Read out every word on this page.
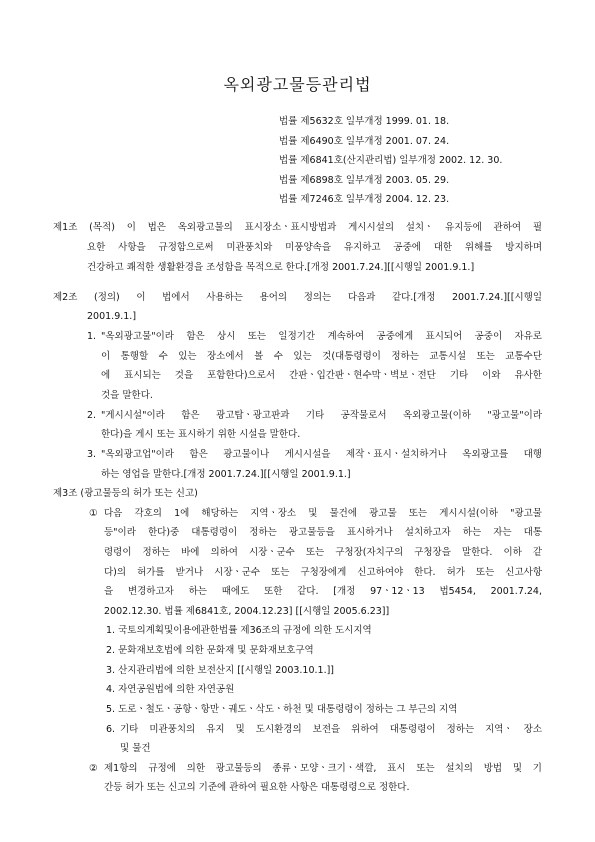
옥외광고물등관리법
법률 제5632호 일부개정 1999. 01. 18.
법률 제6490호 일부개정 2001. 07. 24.
법률 제6841호(산지관리법) 일부개정 2002. 12. 30.
법률 제6898호 일부개정 2003. 05. 29.
법률 제7246호 일부개정 2004. 12. 23.
제1조 (목적) 이 법은 옥외광고물의 표시장소ㆍ표시방법과 게시시설의 설치ㆍ 유지등에 관하여 필
요한 사항을 규정함으로써 미관풍치와 미풍양속을 유지하고 공중에 대한 위해를 방지하며
건강하고 쾌적한 생활환경을 조성함을 목적으로 한다.[개정 2001.7.24.][[시행일 2001.9.1.]
제2조 (정의) 이 법에서 사용하는 용어의 정의는 다음과 같다.[개정 2001.7.24.][[시행일
2001.9.1.]
1. "옥외광고물"이라 함은 상시 또는 일정기간 계속하여 공중에게 표시되어 공중이 자유로
이 통행할 수 있는 장소에서 볼 수 있는 것(대통령령이 정하는 교통시설 또는 교통수단
에 표시되는 것을 포함한다)으로서 간판ㆍ입간판ㆍ현수막ㆍ벽보ㆍ전단 기타 이와 유사한
것을 말한다.
2. "게시시설"이라 함은 광고탑ㆍ광고판과 기타 공작물로서 옥외광고물(이하 "광고물"이라
한다)을 게시 또는 표시하기 위한 시설을 말한다.
3. "옥외광고업"이라 함은 광고물이나 게시시설을 제작ㆍ표시ㆍ설치하거나 옥외광고를 대행
하는 영업을 말한다.[개정 2001.7.24.][[시행일 2001.9.1.]
제3조 (광고물등의 허가 또는 신고)
① 다음 각호의 1에 해당하는 지역ㆍ장소 및 물건에 광고물 또는 게시시설(이하 "광고물
등"이라 한다)중 대통령령이 정하는 광고물등을 표시하거나 설치하고자 하는 자는 대통
령령이 정하는 바에 의하여 시장ㆍ군수 또는 구청장(자치구의 구청장을 말한다. 이하 같
다)의 허가를 받거나 시장ㆍ군수 또는 구청장에게 신고하여야 한다. 허가 또는 신고사항
을 변경하고자 하는 때에도 또한 같다. [개정 97ㆍ12ㆍ13 법5454, 2001.7.24,
2002.12.30. 법률 제6841호, 2004.12.23] [[시행일 2005.6.23]]
1. 국토의계획및이용에관한법률 제36조의 규정에 의한 도시지역
2. 문화재보호법에 의한 문화재 및 문화재보호구역
3. 산지관리법에 의한 보전산지 [[시행일 2003.10.1.]]
4. 자연공원법에 의한 자연공원
5. 도로ㆍ철도ㆍ공항ㆍ항만ㆍ궤도ㆍ삭도ㆍ하천 및 대통령령이 정하는 그 부근의 지역
6. 기타 미관풍치의 유지 및 도시환경의 보전을 위하여 대통령령이 정하는 지역ㆍ 장소
및 물건
② 제1항의 규정에 의한 광고물등의 종류ㆍ모양ㆍ크기ㆍ색깔, 표시 또는 설치의 방법 및 기
간등 허가 또는 신고의 기준에 관하여 필요한 사항은 대통령령으로 정한다.
